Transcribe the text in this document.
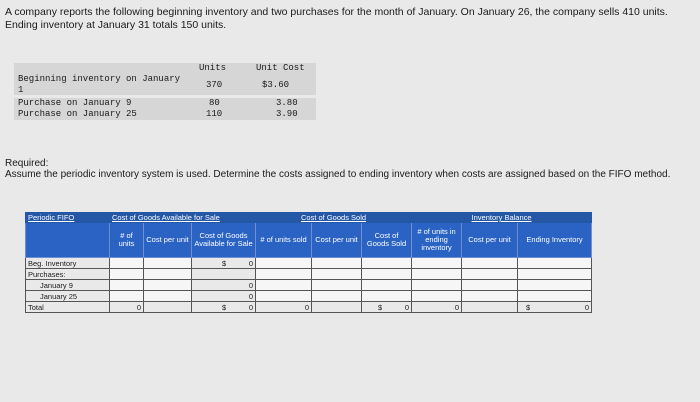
A company reports the following beginning inventory and two purchases for the month of January. On January 26, the company sells 410 units. Ending inventory at January 31 totals 150 units.
Units	Unit Cost
Beginning inventory on January
1	370	$3.60
Purchase on January 9	80	3.80
Purchase on January 25	110	3.90
Required:
Assume the periodic inventory system is used. Determine the costs assigned to ending inventory when costs are assigned based on the FIFO method.
Periodic FIFO	Cost of Goods Available for Sale			Cost of Goods Sold			Inventory Balance		
	# of units	Cost per unit	Cost of Goods Available for Sale	# of units sold	Cost per unit	Cost of Goods Sold	# of units in ending inventory	Cost per unit	Ending Inventory
Beg. Inventory			$ 0						

Purchases:									
January 9			0						
January 25			0						
Total	0		$ 0	0		$ 0	0		$ 0
